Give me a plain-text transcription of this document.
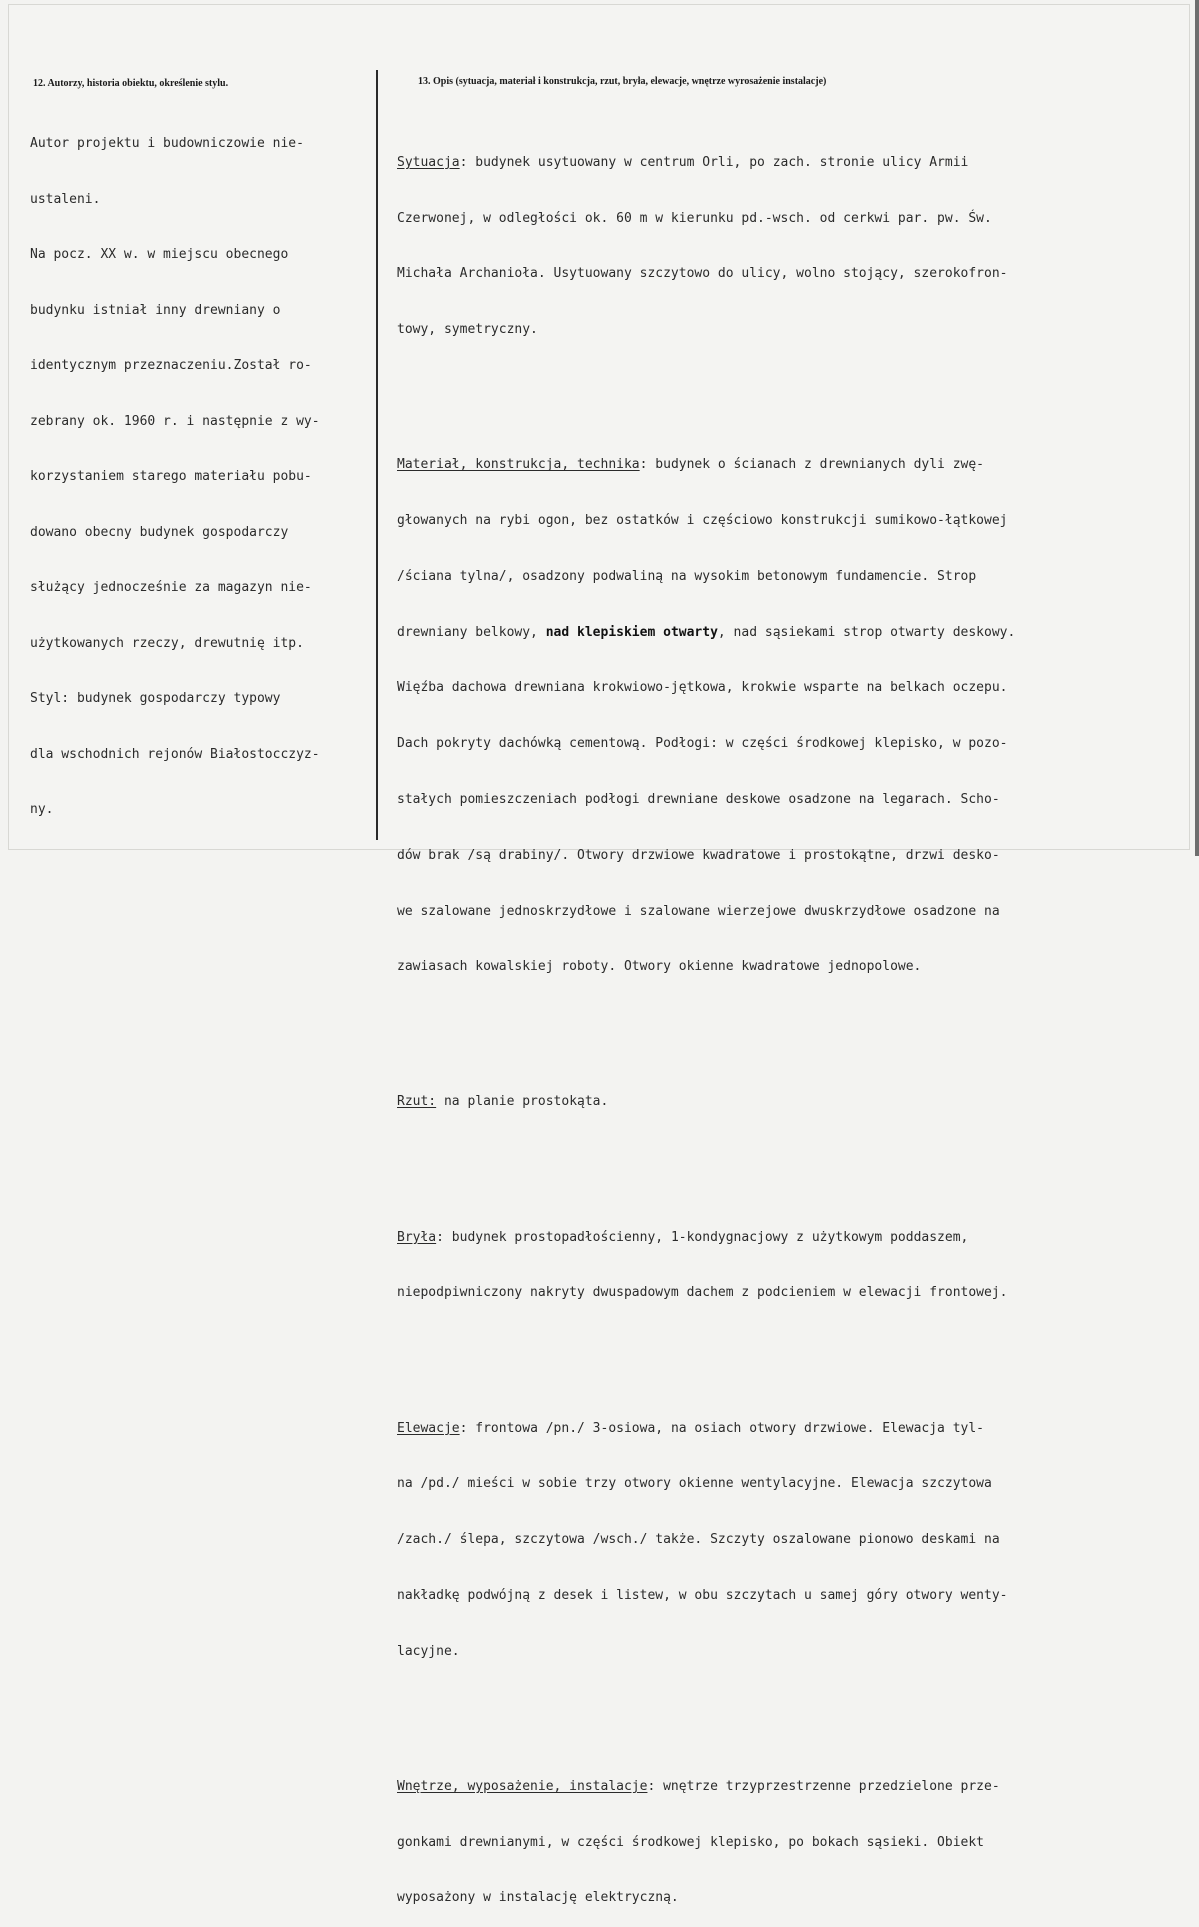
12. Autorzy, historia obiektu, określenie stylu.	13. Opis (sytuacja, materiał i konstrukcja, rzut, bryła, elewacje, wnętrze wyrosażenie instalacje)

Autor projektu i budowniczowie nie-

ustaleni.

Na pocz. XX w. w miejscu obecnego

budynku istniał inny drewniany o

identycznym przeznaczeniu.Został ro-

zebrany ok. 1960 r. i następnie z wy-

korzystaniem starego materiału pobu-

dowano obecny budynek gospodarczy

służący jednocześnie za magazyn nie-

użytkowanych rzeczy, drewutnię itp.

Styl: budynek gospodarczy typowy

dla wschodnich rejonów Białostocczyz-

ny.

Sytuacja: budynek usytuowany w centrum Orli, po zach. stronie ulicy Armii

Czerwonej, w odległości ok. 60 m w kierunku pd.-wsch. od cerkwi par. pw. Św.

Michała Archanioła. Usytuowany szczytowo do ulicy, wolno stojący, szerokofron-

towy, symetryczny.

Materiał, konstrukcja, technika: budynek o ścianach z drewnianych dyli zwę-

głowanych na rybi ogon, bez ostatków i częściowo konstrukcji sumikowo-łątkowej

/ściana tylna/, osadzony podwaliną na wysokim betonowym fundamencie. Strop

drewniany belkowy, nad klepiskiem otwarty, nad sąsiekami strop otwarty deskowy.

Więźba dachowa drewniana krokwiowo-jętkowa, krokwie wsparte na belkach oczepu.

Dach pokryty dachówką cementową. Podłogi: w części środkowej klepisko, w pozo-

stałych pomieszczeniach podłogi drewniane deskowe osadzone na legarach. Scho-

dów brak /są drabiny/. Otwory drzwiowe kwadratowe i prostokątne, drzwi desko-

we szalowane jednoskrzydłowe i szalowane wierzejowe dwuskrzydłowe osadzone na

zawiasach kowalskiej roboty. Otwory okienne kwadratowe jednopolowe.

Rzut: na planie prostokąta.

Bryła: budynek prostopadłościenny, 1-kondygnacjowy z użytkowym poddaszem,

niepodpiwniczony nakryty dwuspadowym dachem z podcieniem w elewacji frontowej.

Elewacje: frontowa /pn./ 3-osiowa, na osiach otwory drzwiowe. Elewacja tyl-

na /pd./ mieści w sobie trzy otwory okienne wentylacyjne. Elewacja szczytowa

/zach./ ślepa, szczytowa /wsch./ także. Szczyty oszalowane pionowo deskami na

nakładkę podwójną z desek i listew, w obu szczytach u samej góry otwory wenty-

lacyjne.

Wnętrze, wyposażenie, instalacje: wnętrze trzyprzestrzenne przedzielone prze-

gonkami drewnianymi, w części środkowej klepisko, po bokach sąsieki. Obiekt

wyposażony w instalację elektryczną.
